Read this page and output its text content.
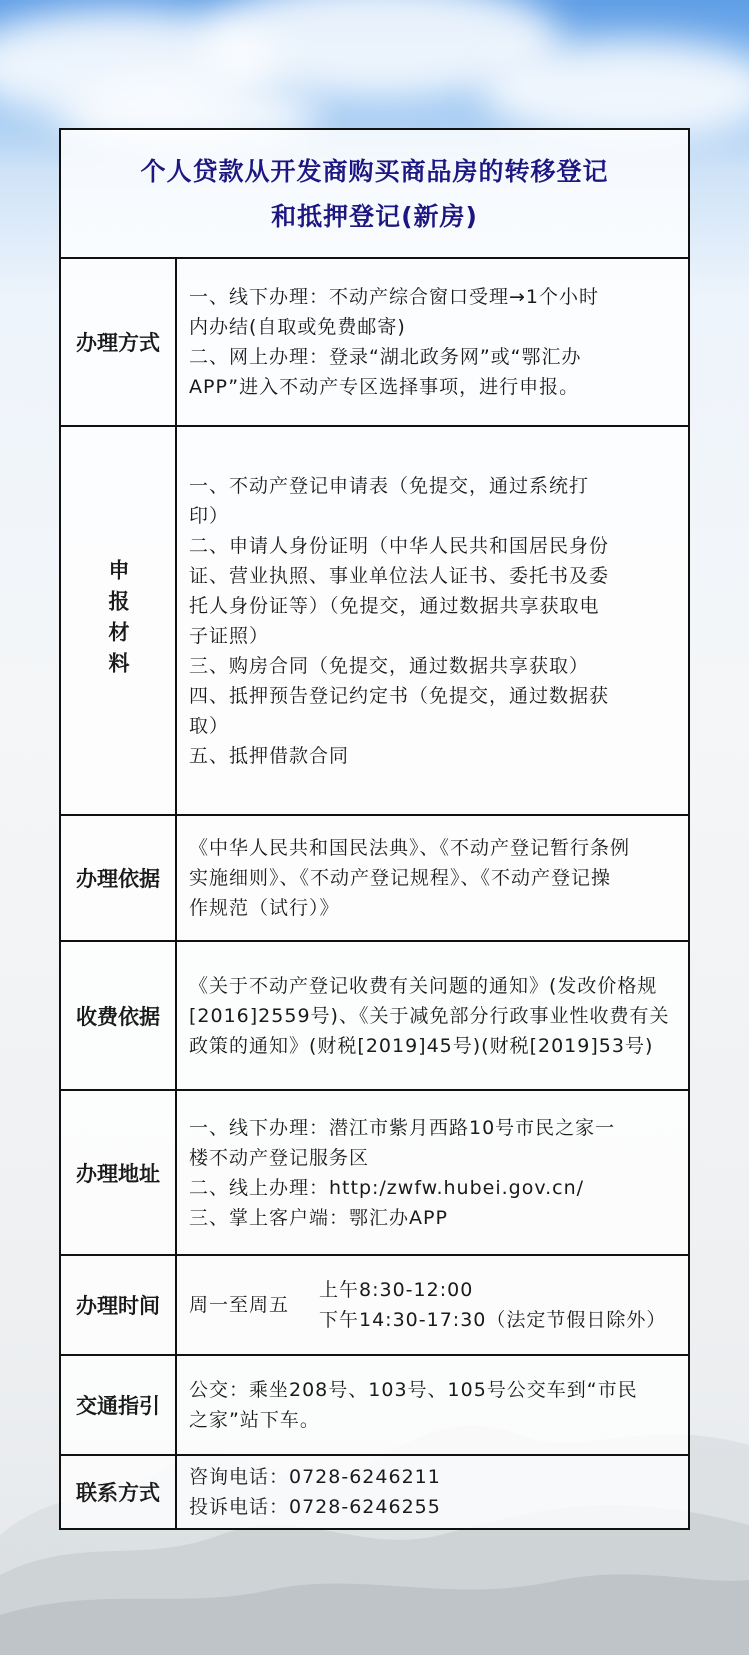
个人贷款从开发商购买商品房的转移登记
和抵押登记(新房)
办理方式

一、线下办理：不动产综合窗口受理→1个小时

内办结(自取或免费邮寄)

二、网上办理：登录“湖北政务网”或“鄂汇办

APP”进入不动产专区选择事项，进行申报。

申报材料

一、不动产登记申请表（免提交，通过系统打

印）

二、申请人身份证明（中华人民共和国居民身份

证、营业执照、事业单位法人证书、委托书及委

托人身份证等）（免提交，通过数据共享获取电

子证照）

三、购房合同（免提交，通过数据共享获取）

四、抵押预告登记约定书（免提交，通过数据获

取）

五、抵押借款合同

办理依据

《中华人民共和国民法典》、《不动产登记暂行条例

实施细则》、《不动产登记规程》、《不动产登记操

作规范（试行）》

收费依据

《关于不动产登记收费有关问题的通知》(发改价格规

[2016]2559号)、《关于减免部分行政事业性收费有关

政策的通知》(财税[2019]45号)(财税[2019]53号)

办理地址

一、线下办理：潜江市紫月西路10号市民之家一

楼不动产登记服务区

二、线上办理：http:/zwfw.hubei.gov.cn/

三、掌上客户端：鄂汇办APP

办理时间	周一至周五

上午8:30-12:00

下午14:30-17:30（法定节假日除外）

交通指引

公交：乘坐208号、103号、105号公交车到“市民

之家”站下车。

联系方式

咨询电话：0728-6246211

投诉电话：0728-6246255
